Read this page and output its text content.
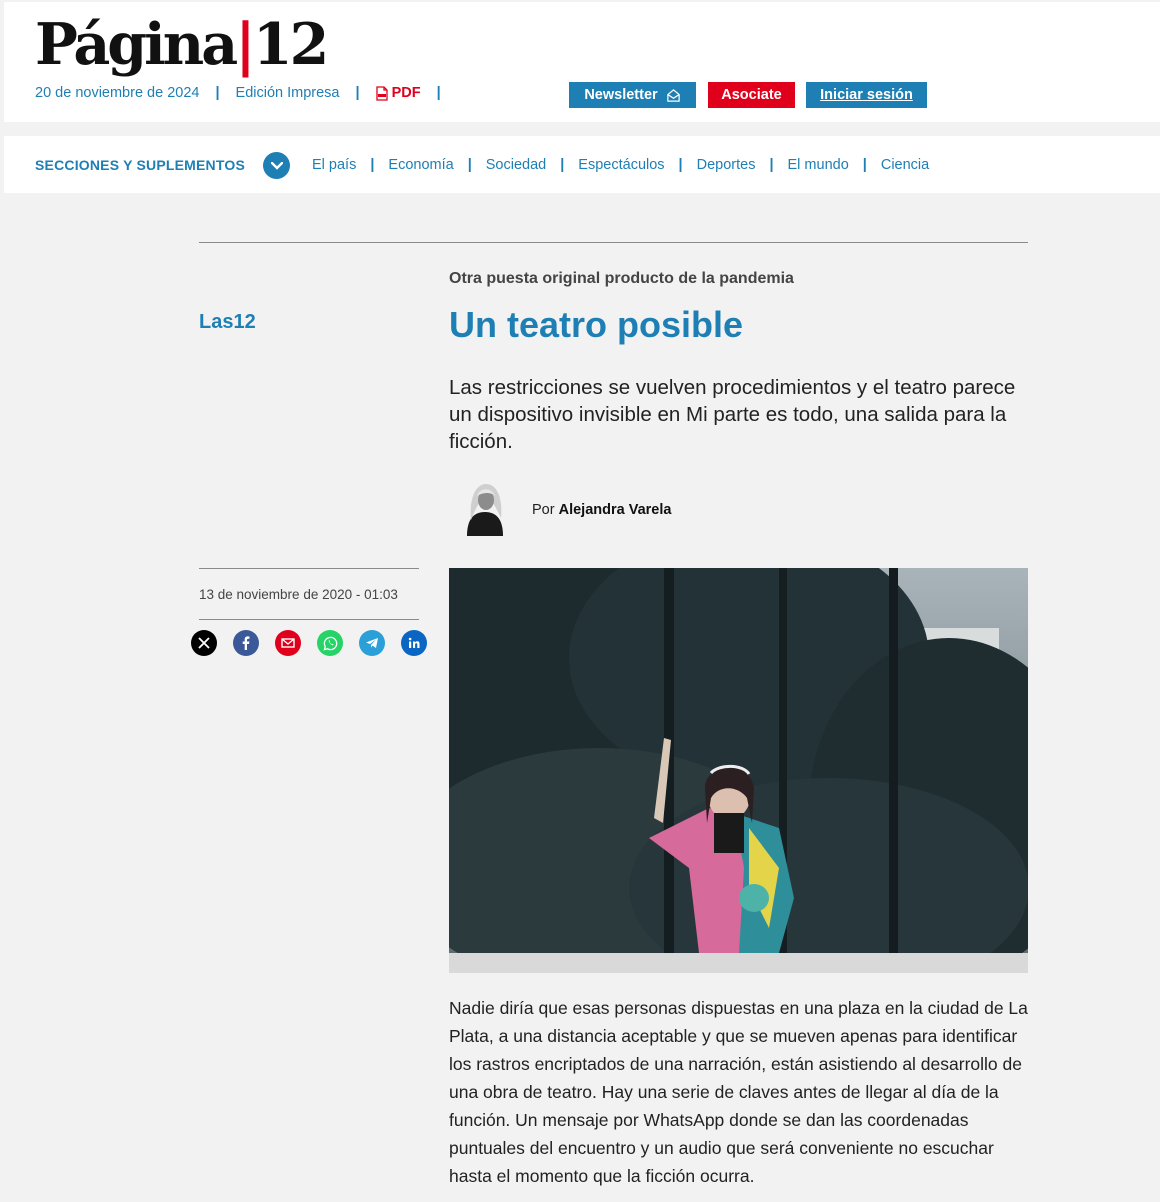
Página|12
20 de noviembre de 2024 | Edición Impresa | PDF |	Newsletter	Asociate	Iniciar sesión
SECCIONES Y SUPLEMENTOS	El país | Economía | Sociedad | Espectáculos | Deportes | El mundo | Ciencia
Las12
Otra puesta original producto de la pandemia
Un teatro posible

Las restricciones se vuelven procedimientos y el teatro parece un dispositivo invisible en Mi parte es todo, una salida para la ficción.

Por Alejandra Varela
13 de noviembre de 2020 - 01:03

Nadie diría que esas personas dispuestas en una plaza en la ciudad de La Plata, a una distancia aceptable y que se mueven apenas para identificar los rastros encriptados de una narración, están asistiendo al desarrollo de una obra de teatro. Hay una serie de claves antes de llegar al día de la función. Un mensaje por WhatsApp donde se dan las coordenadas puntuales del encuentro y un audio que será conveniente no escuchar hasta el momento que la ficción ocurra.
